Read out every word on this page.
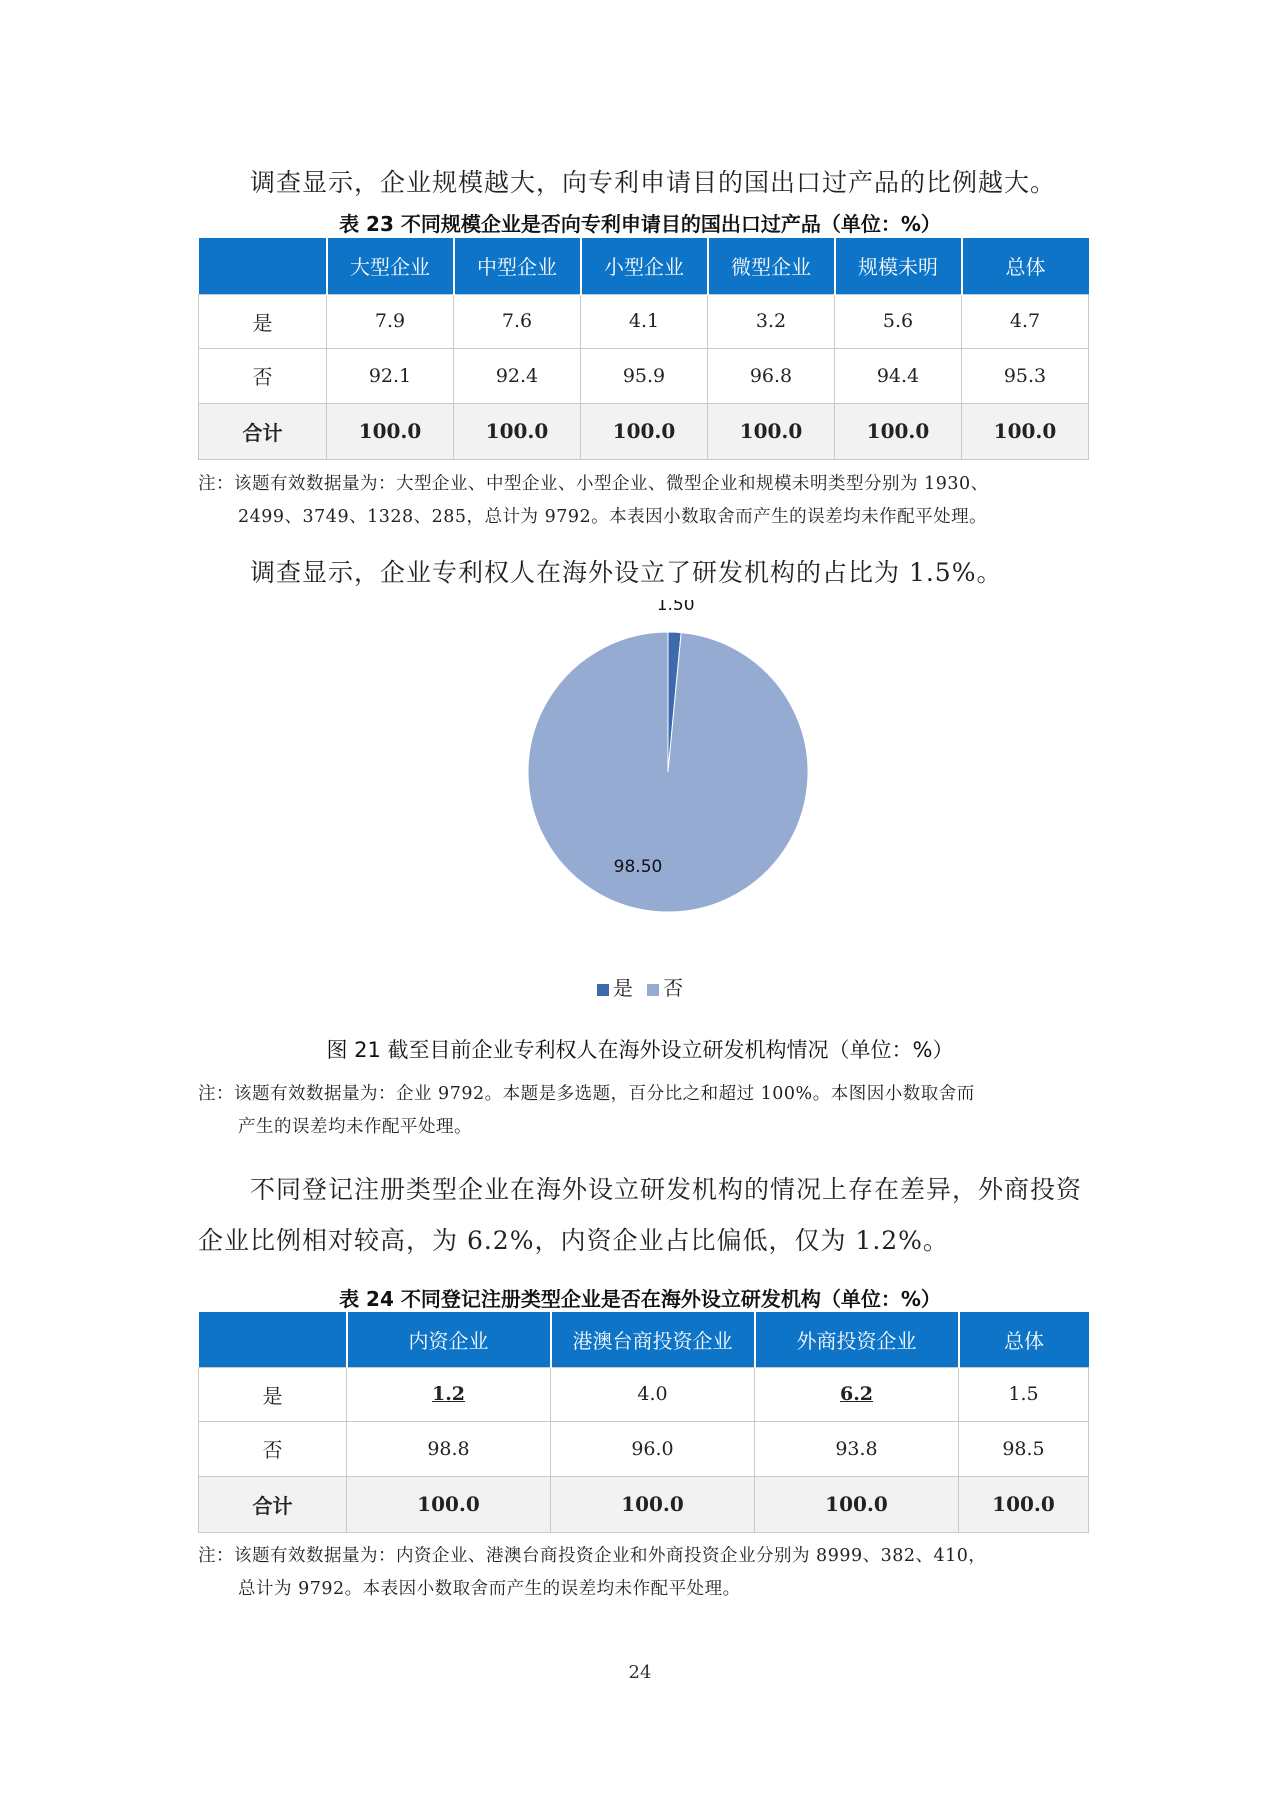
调查显示，企业规模越大，向专利申请目的国出口过产品的比例越大。
表 23 不同规模企业是否向专利申请目的国出口过产品（单位：%）
	大型企业	中型企业	小型企业	微型企业	规模未明	总体
是	7.9	7.6	4.1	3.2	5.6	4.7
否	92.1	92.4	95.9	96.8	94.4	95.3
合计	100.0	100.0	100.0	100.0	100.0	100.0
注：该题有效数据量为：大型企业、中型企业、小型企业、微型企业和规模未明类型分别为 1930、

2499、3749、1328、285，总计为 9792。本表因小数取舍而产生的误差均未作配平处理。
调查显示，企业专利权人在海外设立了研发机构的占比为 1.5%。
1.50
98.50
是 否
图 21 截至目前企业专利权人在海外设立研发机构情况（单位：%）
注：该题有效数据量为：企业 9792。本题是多选题，百分比之和超过 100%。本图因小数取舍而

产生的误差均未作配平处理。
不同登记注册类型企业在海外设立研发机构的情况上存在差异，外商投资企业比例相对较高，为 6.2%，内资企业占比偏低，仅为 1.2%。
表 24 不同登记注册类型企业是否在海外设立研发机构（单位：%）
	内资企业	港澳台商投资企业	外商投资企业	总体
是	1.2	4.0	6.2	1.5
否	98.8	96.0	93.8	98.5
合计	100.0	100.0	100.0	100.0
注：该题有效数据量为：内资企业、港澳台商投资企业和外商投资企业分别为 8999、382、410，

总计为 9792。本表因小数取舍而产生的误差均未作配平处理。
24
